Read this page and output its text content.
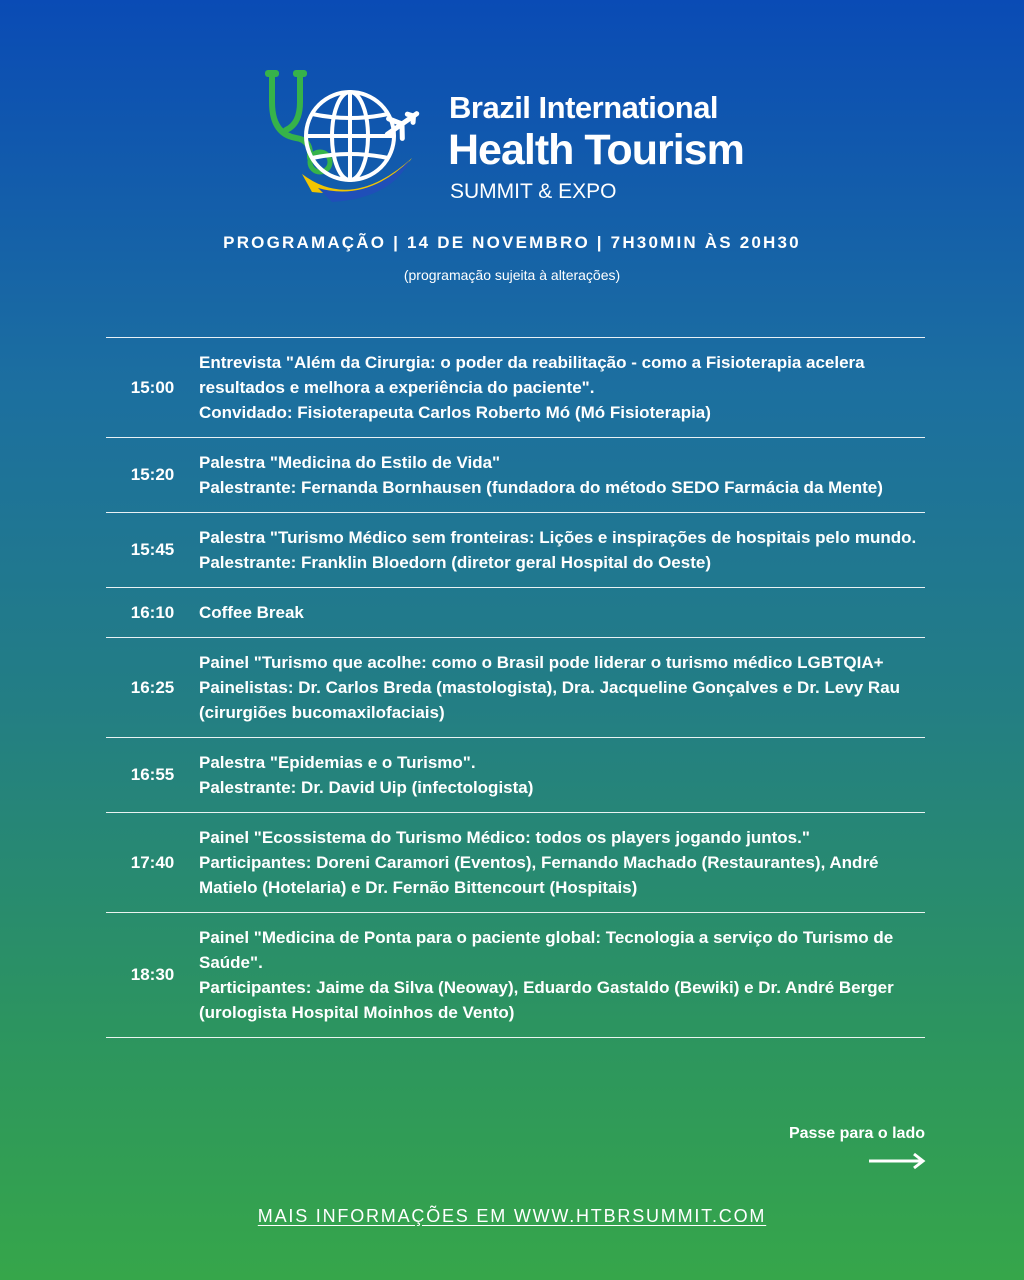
Brazil International
Health Tourism
SUMMIT & EXPO
PROGRAMAÇÃO | 14 DE NOVEMBRO | 7H30MIN ÀS 20H30
(programação sujeita à alterações)
15:00

Entrevista "Além da Cirurgia: o poder da reabilitação - como a Fisioterapia acelera resultados e melhora a experiência do paciente".

Convidado: Fisioterapeuta Carlos Roberto Mó (Mó Fisioterapia)

15:20

Palestra "Medicina do Estilo de Vida"

Palestrante: Fernanda Bornhausen (fundadora do método SEDO Farmácia da Mente)

15:45

Palestra "Turismo Médico sem fronteiras: Lições e inspirações de hospitais pelo mundo.

Palestrante: Franklin Bloedorn (diretor geral Hospital do Oeste)

16:10	Coffee Break

16:25

Painel "Turismo que acolhe: como o Brasil pode liderar o turismo médico LGBTQIA+

Painelistas: Dr. Carlos Breda (mastologista), Dra. Jacqueline Gonçalves e Dr. Levy Rau (cirurgiões bucomaxilofaciais)

16:55

Palestra "Epidemias e o Turismo".

Palestrante: Dr. David Uip (infectologista)

17:40

Painel "Ecossistema do Turismo Médico: todos os players jogando juntos."

Participantes: Doreni Caramori (Eventos), Fernando Machado (Restaurantes), André Matielo (Hotelaria) e Dr. Fernão Bittencourt (Hospitais)

18:30

Painel "Medicina de Ponta para o paciente global: Tecnologia a serviço do Turismo de Saúde".

Participantes: Jaime da Silva (Neoway), Eduardo Gastaldo (Bewiki) e Dr. André Berger (urologista Hospital Moinhos de Vento)

Passe para o lado
MAIS INFORMAÇÕES EM WWW.HTBRSUMMIT.COM
